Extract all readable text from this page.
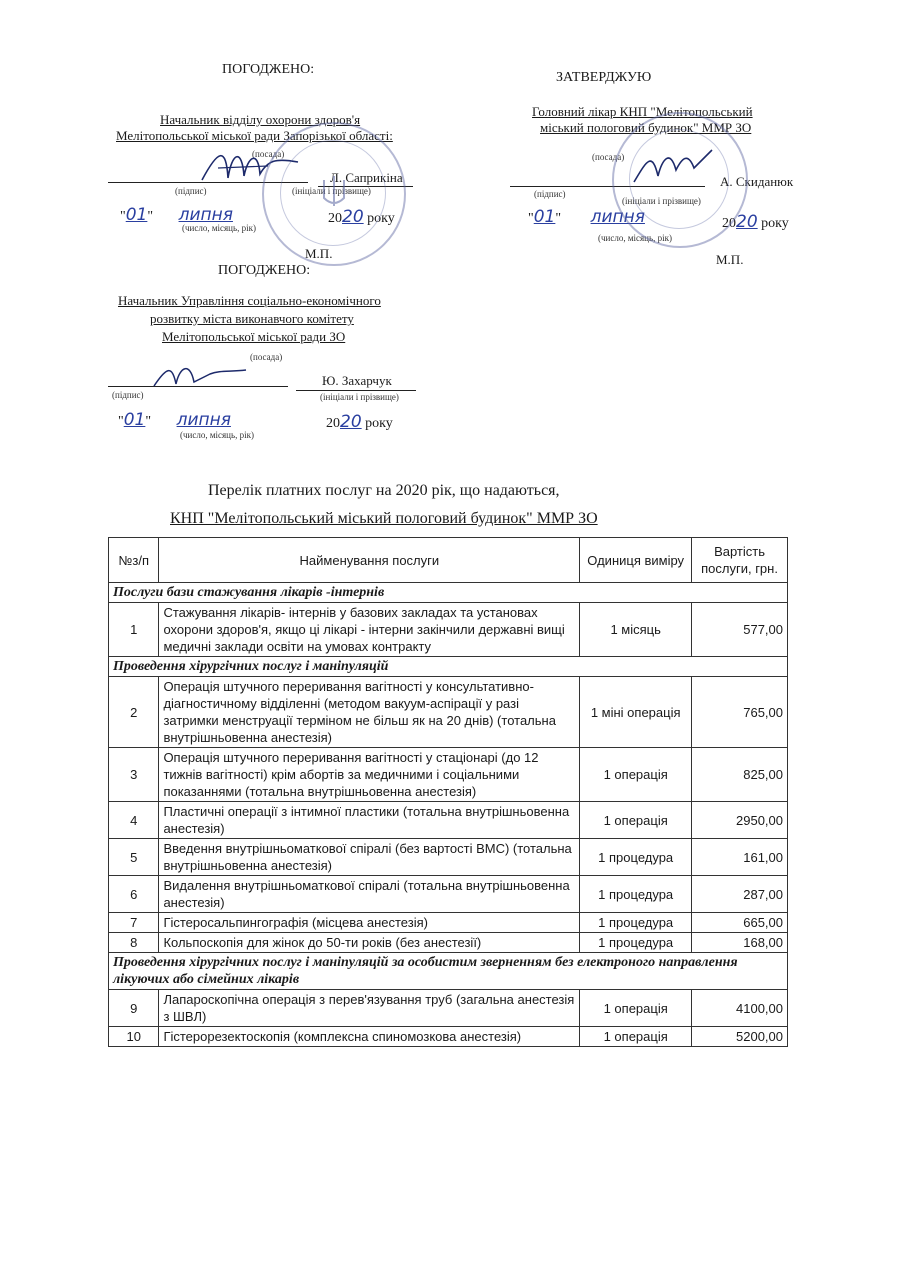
ПОГОДЖЕНО:
Начальник відділу охорони здоров'я
Мелітопольської міської ради Запорізької області:
(посада)
Л. Саприкіна
(підпис)	(ініціали і прізвище)
"01" липня	2020 року
(число, місяць, рік)
М.П.
ЗАТВЕРДЖУЮ
Головний лікар КНП "Мелітопольський
міський пологовий будинок" ММР ЗО
(посада)
А. Скиданюк
(підпис)
(ініціали і прізвище)
"01" липня	2020 року
(число, місяць, рік)
М.П.
ПОГОДЖЕНО:
Начальник Управління соціально-економічного
розвитку міста виконавчого комітету
Мелітопольської міської ради ЗО
(посада)
Ю. Захарчук
(підпис)	(ініціали і прізвище)
"01" липня	2020 року
(число, місяць, рік)
Перелік платних послуг на 2020 рік, що надаються,
КНП "Мелітопольський міський пологовий будинок" ММР ЗО
№з/п	Найменування послуги	Одиниця виміру	Вартість послуги, грн.
Послуги бази стажування лікарів -інтернів			
1	Стажування лікарів- інтернів у базових закладах та установах охорони здоров'я, якщо ці лікарі - інтерни закінчили державні вищі медичні заклади освіти на умовах контракту	1 місяць	577,00
Проведення хірургічних послуг і маніпуляцій			
2	Операція штучного переривання вагітності у консультативно- діагностичному відділенні (методом вакуум-аспірації у разі затримки менструації терміном не більш як на 20 днів) (тотальна внутрішньовенна анестезія)	1 міні операція	765,00
3	Операція штучного переривання вагітності у стаціонарі (до 12 тижнів вагітності) крім абортів за медичними і соціальними показаннями (тотальна внутрішньовенна анестезія)	1 операція	825,00
4	Пластичні операції з інтимної пластики (тотальна внутрішньовенна анестезія)	1 операція	2950,00
5	Введення внутрішньоматкової спіралі (без вартості ВМС) (тотальна внутрішньовенна анестезія)	1 процедура	161,00
6	Видалення внутрішньоматкової спіралі (тотальна внутрішньовенна анестезія)	1 процедура	287,00
7	Гістеросальпингографія (місцева анестезія)	1 процедура	665,00
8	Кольпоскопія для жінок до 50-ти років (без анестезії)	1 процедура	168,00
Проведення хірургічних послуг і маніпуляцій за особистим зверненням без електроного направлення лікуючих або сімейних лікарів			
9	Лапароскопічна операція з перев'язування труб (загальна анестезія з ШВЛ)	1 операція	4100,00
10	Гістерорезектоскопія (комплексна спиномозкова анестезія)	1 операція	5200,00
